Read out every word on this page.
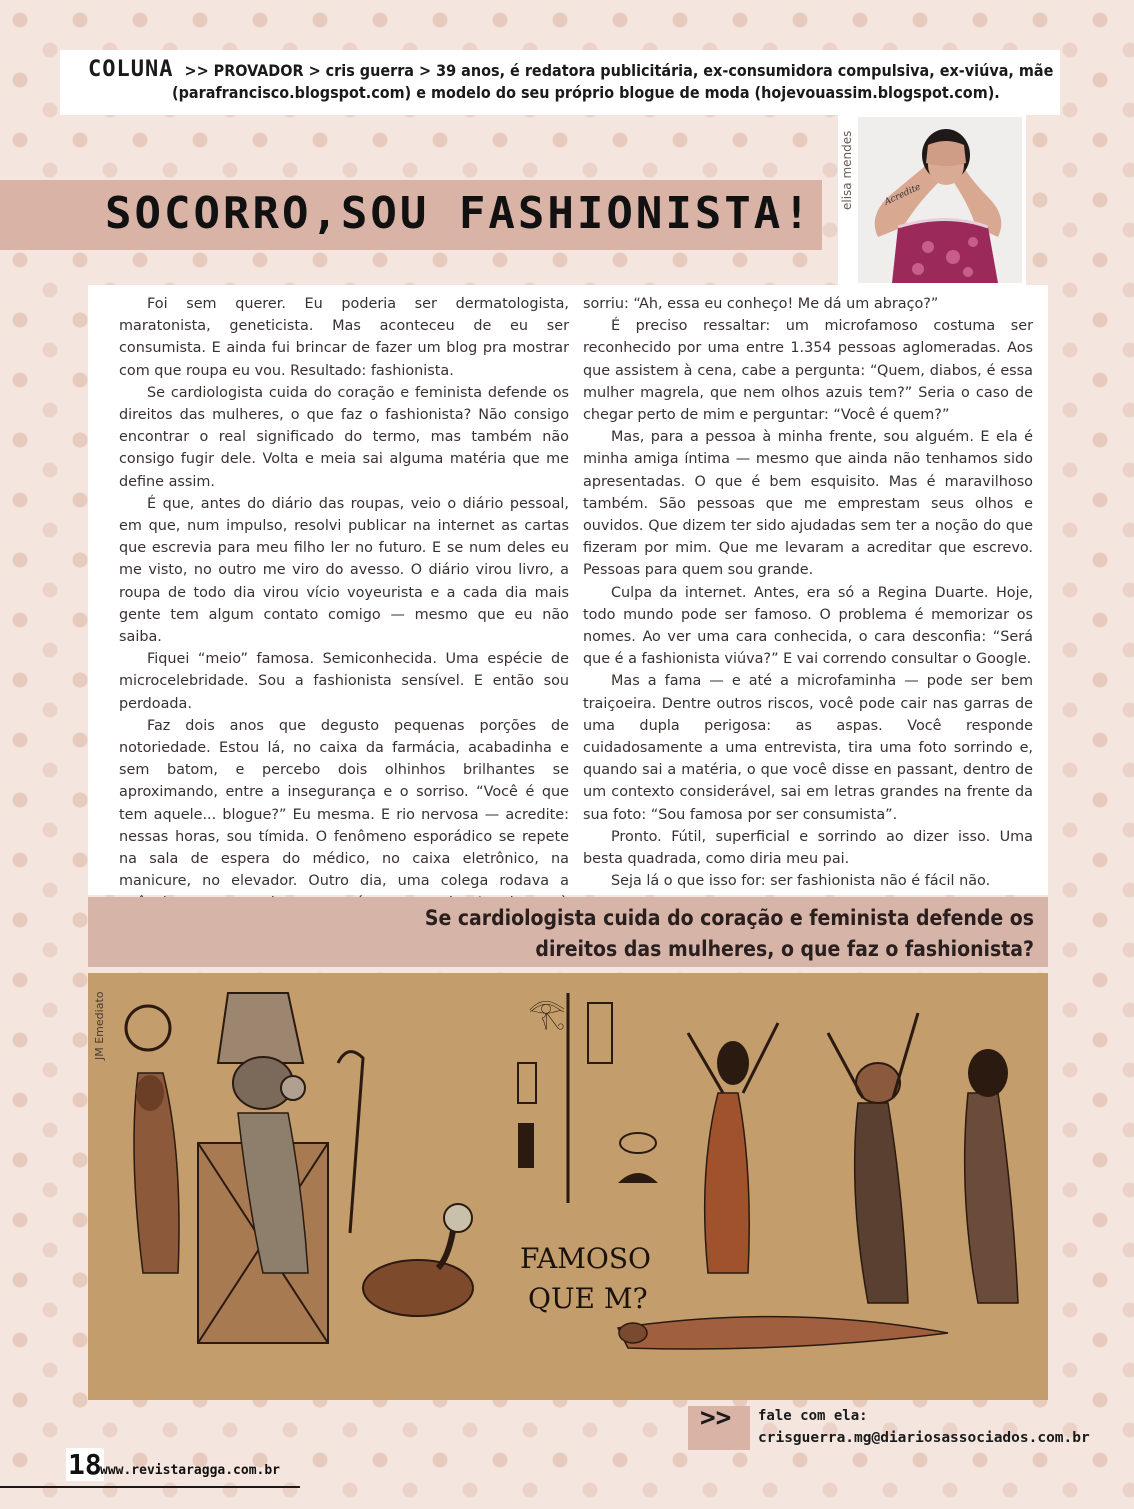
COLUNA >> PROVADOR > cris guerra > 39 anos, é redatora publicitária, ex-consumidora compulsiva, ex-viúva, mãe
(parafrancisco.blogspot.com) e modelo do seu próprio blogue de moda (hojevouassim.blogspot.com).
SOCORRO,SOU FASHIONISTA!
elisa mendes	Acredite

Foi sem querer. Eu poderia ser dermatologista, maratonista, geneticista. Mas aconteceu de eu ser consumista. E ainda fui brincar de fazer um blog pra mostrar com que roupa eu vou. Resultado: fashionista.

Se cardiologista cuida do coração e feminista defende os direitos das mulheres, o que faz o fashionista? Não consigo encontrar o real significado do termo, mas também não consigo fugir dele. Volta e meia sai alguma matéria que me define assim.

É que, antes do diário das roupas, veio o diário pessoal, em que, num impulso, resolvi publicar na internet as cartas que escrevia para meu filho ler no futuro. E se num deles eu me visto, no outro me viro do avesso. O diário virou livro, a roupa de todo dia virou vício voyeurista e a cada dia mais gente tem algum contato comigo — mesmo que eu não saiba.

Fiquei “meio” famosa. Semiconhecida. Uma espécie de microcelebridade. Sou a fashionista sensível. E então sou perdoada.

Faz dois anos que degusto pequenas porções de notoriedade. Estou lá, no caixa da farmácia, acabadinha e sem batom, e percebo dois olhinhos brilhantes se aproximando, entre a insegurança e o sorriso. “Você é que tem aquele... blogue?” Eu mesma. E rio nervosa — acredite: nessas horas, sou tímida. O fenômeno esporádico se repete na sala de espera do médico, no caixa eletrônico, na manicure, no elevador. Outro dia, uma colega rodava a

sorriu: “Ah, essa eu conheço! Me dá um abraço?”

É preciso ressaltar: um microfamoso costuma ser reconhecido por uma entre 1.354 pessoas aglomeradas. Aos que assistem à cena, cabe a pergunta: “Quem, diabos, é essa mulher magrela, que nem olhos azuis tem?” Seria o caso de chegar perto de mim e perguntar: “Você é quem?”

Mas, para a pessoa à minha frente, sou alguém. E ela é minha amiga íntima — mesmo que ainda não tenhamos sido apresentadas. O que é bem esquisito. Mas é maravilhoso também. São pessoas que me emprestam seus olhos e ouvidos. Que dizem ter sido ajudadas sem ter a noção do que fizeram por mim. Que me levaram a acreditar que escrevo. Pessoas para quem sou grande.

Culpa da internet. Antes, era só a Regina Duarte. Hoje, todo mundo pode ser famoso. O problema é memorizar os nomes. Ao ver uma cara conhecida, o cara desconfia: “Será que é a fashionista viúva?” E vai correndo consultar o Google.

Mas a fama — e até a microfaminha — pode ser bem traiçoeira. Dentre outros riscos, você pode cair nas garras de uma dupla perigosa: as aspas. Você responde cuidadosamente a uma entrevista, tira uma foto sorrindo e, quando sai a matéria, o que você disse en passant, dentro de um contexto considerável, sai em letras grandes na frente da sua foto: “Sou famosa por ser consumista”.

Pronto. Fútil, superficial e sorrindo ao dizer isso. Uma besta quadrada, como diria meu pai.

Seja lá o que isso for: ser fashionista não é fácil não.

Se cardiologista cuida do coração e feminista defende os direitos das mulheres, o que faz o fashionista?
𓂀
FAMOSO
QUE M?
JM Emediato
>> fale com ela:
crisguerra.mg@diariosassociados.com.br
18
www.revistaragga.com.br
